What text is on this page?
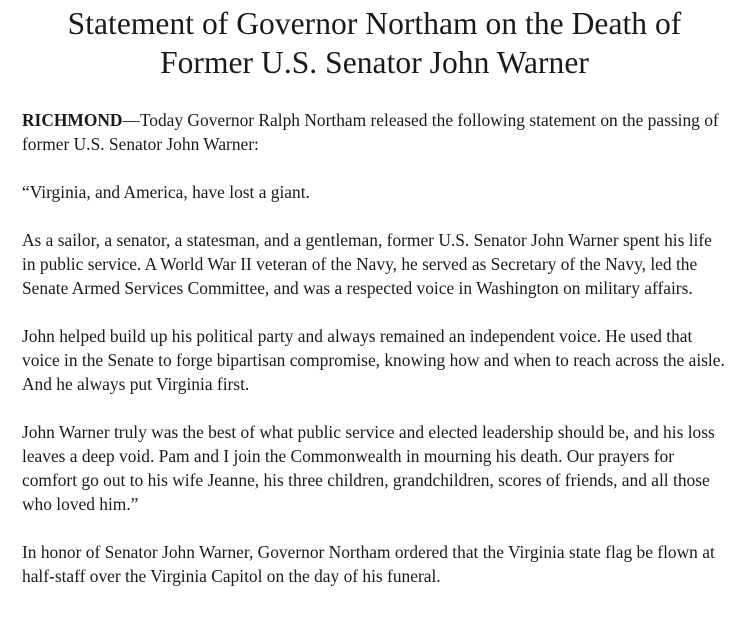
Statement of Governor Northam on the Death of
Former U.S. Senator John Warner

RICHMOND—Today Governor Ralph Northam released the following statement on the passing of former U.S. Senator John Warner:

“Virginia, and America, have lost a giant.

As a sailor, a senator, a statesman, and a gentleman, former U.S. Senator John Warner spent his life in public service. A World War II veteran of the Navy, he served as Secretary of the Navy, led the Senate Armed Services Committee, and was a respected voice in Washington on military affairs.

John helped build up his political party and always remained an independent voice. He used that voice in the Senate to forge bipartisan compromise, knowing how and when to reach across the aisle. And he always put Virginia first.

John Warner truly was the best of what public service and elected leadership should be, and his loss leaves a deep void. Pam and I join the Commonwealth in mourning his death. Our prayers for comfort go out to his wife Jeanne, his three children, grandchildren, scores of friends, and all those who loved him.”

In honor of Senator John Warner, Governor Northam ordered that the Virginia state flag be flown at half-staff over the Virginia Capitol on the day of his funeral.
